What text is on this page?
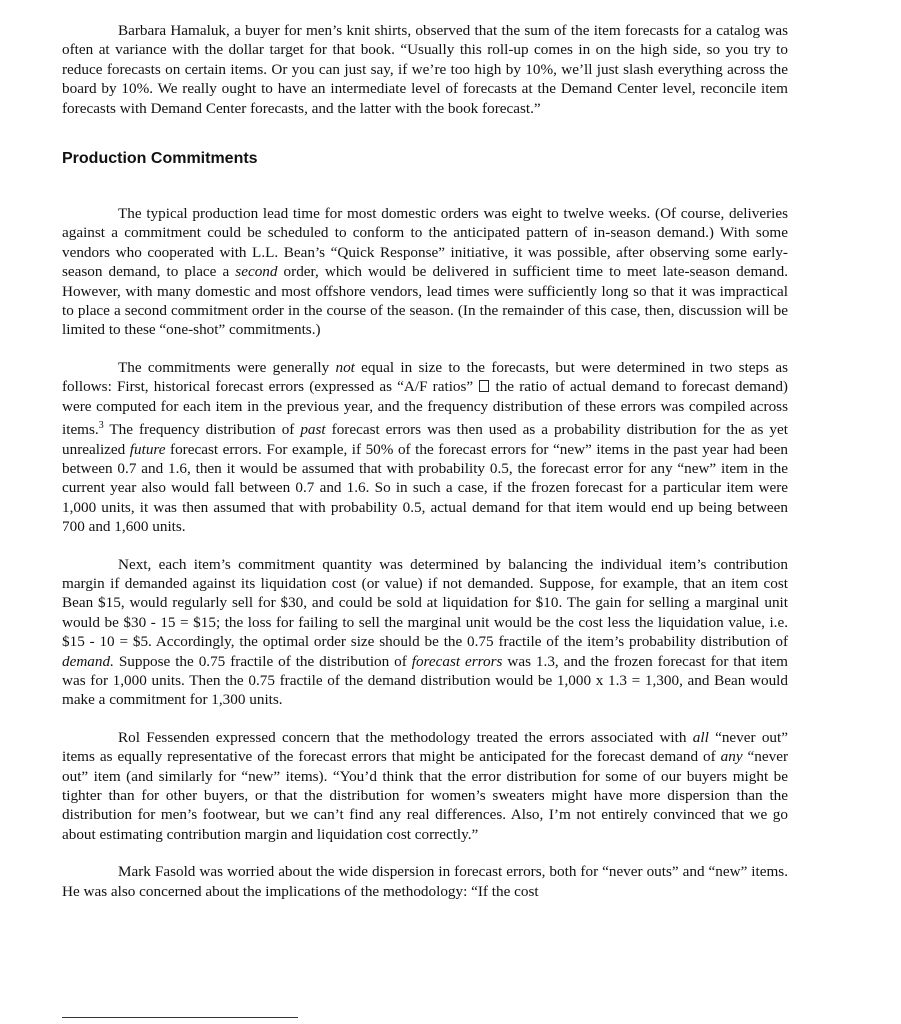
Barbara Hamaluk, a buyer for men’s knit shirts, observed that the sum of the item forecasts for a catalog was often at variance with the dollar target for that book. “Usually this roll-up comes in on the high side, so you try to reduce forecasts on certain items. Or you can just say, if we’re too high by 10%, we’ll just slash everything across the board by 10%. We really ought to have an intermediate level of forecasts at the Demand Center level, reconcile item forecasts with Demand Center forecasts, and the latter with the book forecast.”

Production Commitments

The typical production lead time for most domestic orders was eight to twelve weeks. (Of course, deliveries against a commitment could be scheduled to conform to the anticipated pattern of in-season demand.) With some vendors who cooperated with L.L. Bean’s “Quick Response” initiative, it was possible, after observing some early-season demand, to place a second order, which would be delivered in sufficient time to meet late-season demand. However, with many domestic and most offshore vendors, lead times were sufficiently long so that it was impractical to place a second commitment order in the course of the season. (In the remainder of this case, then, discussion will be limited to these “one-shot” commitments.)

The commitments were generally not equal in size to the forecasts, but were determined in two steps as follows: First, historical forecast errors (expressed as “A/F ratios”  the ratio of actual demand to forecast demand) were computed for each item in the previous year, and the frequency distribution of these errors was compiled across items.$^3$ The frequency distribution of past forecast errors was then used as a probability distribution for the as yet unrealized future forecast errors. For example, if 50% of the forecast errors for “new” items in the past year had been between 0.7 and 1.6, then it would be assumed that with probability 0.5, the forecast error for any “new” item in the current year also would fall between 0.7 and 1.6. So in such a case, if the frozen forecast for a particular item were 1,000 units, it was then assumed that with probability 0.5, actual demand for that item would end up being between 700 and 1,600 units.

Next, each item’s commitment quantity was determined by balancing the individual item’s contribution margin if demanded against its liquidation cost (or value) if not demanded. Suppose, for example, that an item cost Bean $15, would regularly sell for $30, and could be sold at liquidation for $10. The gain for selling a marginal unit would be $30 - 15 = $15; the loss for failing to sell the marginal unit would be the cost less the liquidation value, i.e. $15 - 10 = $5. Accordingly, the optimal order size should be the 0.75 fractile of the item’s probability distribution of demand. Suppose the 0.75 fractile of the distribution of forecast errors was 1.3, and the frozen forecast for that item was for 1,000 units. Then the 0.75 fractile of the demand distribution would be 1,000 x 1.3 = 1,300, and Bean would make a commitment for 1,300 units.

Rol Fessenden expressed concern that the methodology treated the errors associated with all “never out” items as equally representative of the forecast errors that might be anticipated for the forecast demand of any “never out” item (and similarly for “new” items). “You’d think that the error distribution for some of our buyers might be tighter than for other buyers, or that the distribution for women’s sweaters might have more dispersion than the distribution for men’s footwear, but we can’t find any real differences. Also, I’m not entirely convinced that we go about estimating contribution margin and liquidation cost correctly.”

Mark Fasold was worried about the wide dispersion in forecast errors, both for “never outs” and “new” items. He was also concerned about the implications of the methodology: “If the cost
